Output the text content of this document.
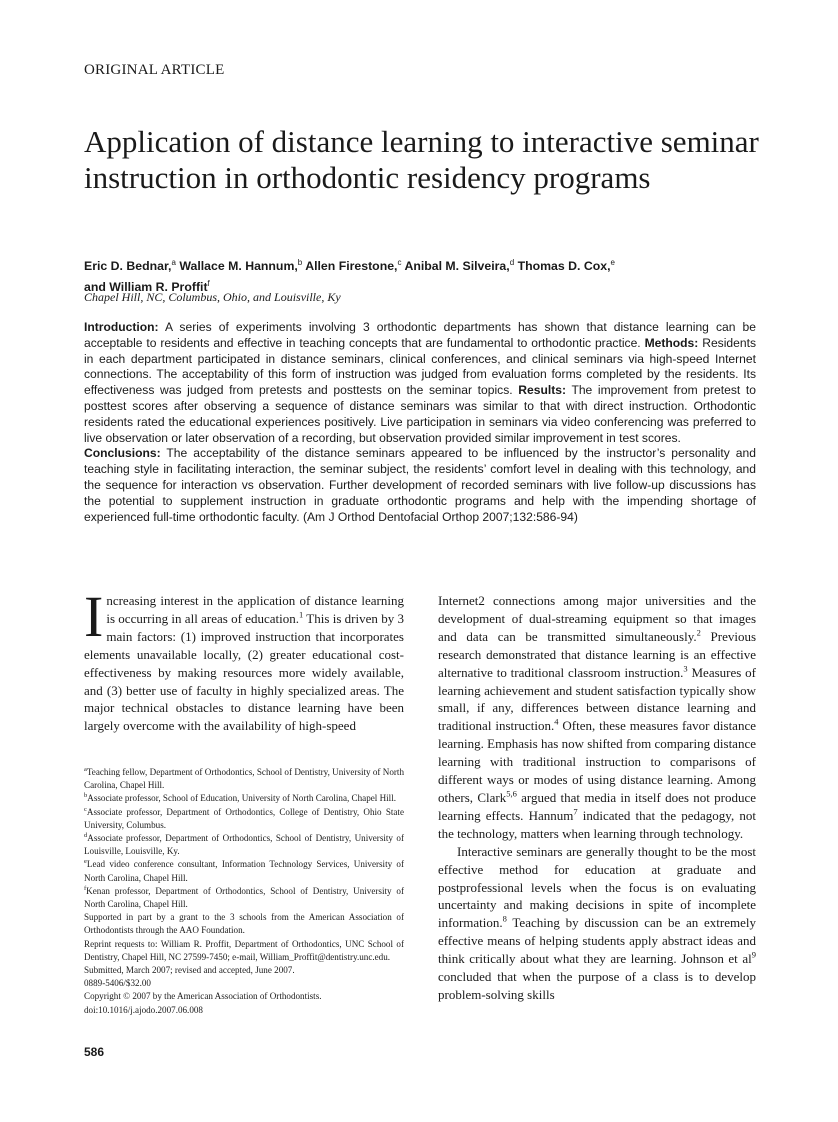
ORIGINAL ARTICLE
Application of distance learning to interactive seminar instruction in orthodontic residency programs
Eric D. Bednar,$^a$ Wallace M. Hannum,$^b$ Allen Firestone,$^c$ Anibal M. Silveira,$^d$ Thomas D. Cox,$^e$
and William R. Proffit$^f$
Chapel Hill, NC, Columbus, Ohio, and Louisville, Ky
Introduction: A series of experiments involving 3 orthodontic departments has shown that distance learning can be acceptable to residents and effective in teaching concepts that are fundamental to orthodontic practice. Methods: Residents in each department participated in distance seminars, clinical conferences, and clinical seminars via high-speed Internet connections. The acceptability of this form of instruction was judged from evaluation forms completed by the residents. Its effectiveness was judged from pretests and posttests on the seminar topics. Results: The improvement from pretest to posttest scores after observing a sequence of distance seminars was similar to that with direct instruction. Orthodontic residents rated the educational experiences positively. Live participation in seminars via video conferencing was preferred to live observation or later observation of a recording, but observation provided similar improvement in test scores.
Conclusions: The acceptability of the distance seminars appeared to be influenced by the instructor’s personality and teaching style in facilitating interaction, the seminar subject, the residents’ comfort level in dealing with this technology, and the sequence for interaction vs observation. Further development of recorded seminars with live follow-up discussions has the potential to supplement instruction in graduate orthodontic programs and help with the impending shortage of experienced full-time orthodontic faculty. (Am J Orthod Dentofacial Orthop 2007;132:586-94)

Increasing interest in the application of distance learning is occurring in all areas of education.$^1$ This is driven by 3 main factors: (1) improved instruction that incorporates elements unavailable locally, (2) greater educational cost-effectiveness by making resources more widely available, and (3) better use of faculty in highly specialized areas. The major technical obstacles to distance learning have been largely overcome with the availability of high-speed

$^a$Teaching fellow, Department of Orthodontics, School of Dentistry, University of North Carolina, Chapel Hill.

$^b$Associate professor, School of Education, University of North Carolina, Chapel Hill.

$^c$Associate professor, Department of Orthodontics, College of Dentistry, Ohio State University, Columbus.

$^d$Associate professor, Department of Orthodontics, School of Dentistry, University of Louisville, Louisville, Ky.

$^e$Lead video conference consultant, Information Technology Services, University of North Carolina, Chapel Hill.

$^f$Kenan professor, Department of Orthodontics, School of Dentistry, University of North Carolina, Chapel Hill.

Supported in part by a grant to the 3 schools from the American Association of Orthodontists through the AAO Foundation.

Reprint requests to: William R. Proffit, Department of Orthodontics, UNC School of Dentistry, Chapel Hill, NC 27599-7450; e-mail, William_Proffit@dentistry.unc.edu.

Submitted, March 2007; revised and accepted, June 2007.

0889-5406/$32.00

Copyright © 2007 by the American Association of Orthodontists.

doi:10.1016/j.ajodo.2007.06.008

Internet2 connections among major universities and the development of dual-streaming equipment so that images and data can be transmitted simultaneously.$^2$ Previous research demonstrated that distance learning is an effective alternative to traditional classroom instruction.$^3$ Measures of learning achievement and student satisfaction typically show small, if any, differences between distance learning and traditional instruction.$^4$ Often, these measures favor distance learning. Emphasis has now shifted from comparing distance learning with traditional instruction to comparisons of different ways or modes of using distance learning. Among others, Clark$^{5,6}$ argued that media in itself does not produce learning effects. Hannum$^7$ indicated that the pedagogy, not the technology, matters when learning through technology.

Interactive seminars are generally thought to be the most effective method for education at graduate and postprofessional levels when the focus is on evaluating uncertainty and making decisions in spite of incomplete information.$^8$ Teaching by discussion can be an extremely effective means of helping students apply abstract ideas and think critically about what they are learning. Johnson et $al^9$ concluded that when the purpose of a class is to develop problem-solving skills

586
